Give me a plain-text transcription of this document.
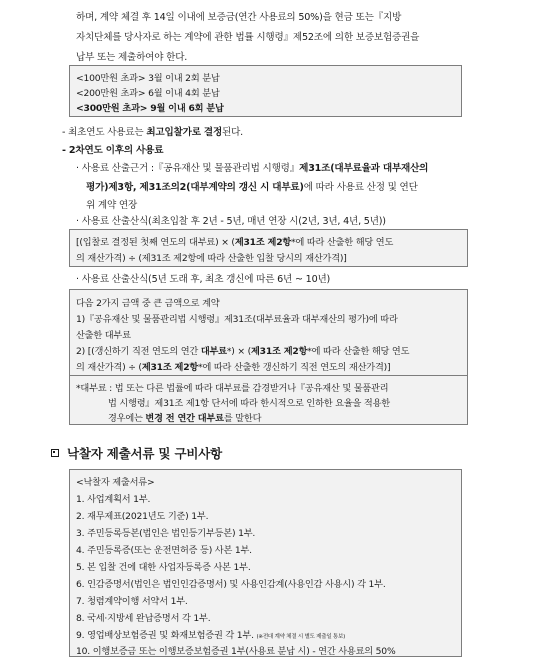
하며, 계약 체결 후 14일 이내에 보증금(연간 사용료의 50%)을 현금 또는『지방
자치단체를 당사자로 하는 계약에 관한 법률 시행령』제52조에 의한 보증보험증권을
납부 또는 제출하여야 한다.
<100만원 초과> 3월 이내 2회 분납
<200만원 초과> 6월 이내 4회 분납
<300만원 초과> 9월 이내 6회 분납
- 최초연도 사용료는 최고입찰가로 결정된다.
- 2차연도 이후의 사용료
· 사용료 산출근거 :『공유재산 및 물품관리법 시행령』제31조(대부료율과 대부재산의
평가)제3항, 제31조의2(대부계약의 갱신 시 대부료)에 따라 사용료 산정 및 연단
위 계약 연장
· 사용료 산출산식(최초입찰 후 2년 - 5년, 매년 연장 시(2년, 3년, 4년, 5년))
[(입찰로 결정된 첫째 연도의 대부료) × (제31조 제2항*에 따라 산출한 해당 연도
의 재산가격) ÷ (제31조 제2항에 따라 산출한 입찰 당시의 재산가격)]
· 사용료 산출산식(5년 도래 후, 최초 갱신에 따른 6년 ~ 10년)
다음 2가지 금액 중 큰 금액으로 계약
1)『공유재산 및 물품관리법 시행령』제31조(대부료율과 대부재산의 평가)에 따라
산출한 대부료
2) [(갱신하기 직전 연도의 연간 대부료*) × (제31조 제2항*에 따라 산출한 해당 연도
의 재산가격) ÷ (제31조 제2항*에 따라 산출한 갱신하기 직전 연도의 재산가격)]
*대부료 : 법 또는 다른 법률에 따라 대부료를 감경받거나『공유재산 및 물품관리
법 시행령』제31조 제1항 단서에 따라 한시적으로 인하한 요율을 적용한
경우에는 변경 전 연간 대부료를 말한다
낙찰자 제출서류 및 구비사항
<낙찰자 제출서류>
1. 사업계획서 1부.
2. 재무제표(2021년도 기준) 1부.
3. 주민등록등본(법인은 법인등기부등본) 1부.
4. 주민등록증(또는 운전면허증 등) 사본 1부.
5. 본 입찰 건에 대한 사업자등록증 사본 1부.
6. 인감증명서(법인은 법인인감증명서) 및 사용인감계(사용인감 사용시) 각 1부.
7. 청렴계약이행 서약서 1부.
8. 국세·지방세 완납증명서 각 1부.
9. 영업배상보험증권 및 화재보험증권 각 1부. (※전대 계약 체결 시 별도 제출일 통보)
10. 이행보증금 또는 이행보증보험증권 1부(사용료 분납 시) - 연간 사용료의 50%
